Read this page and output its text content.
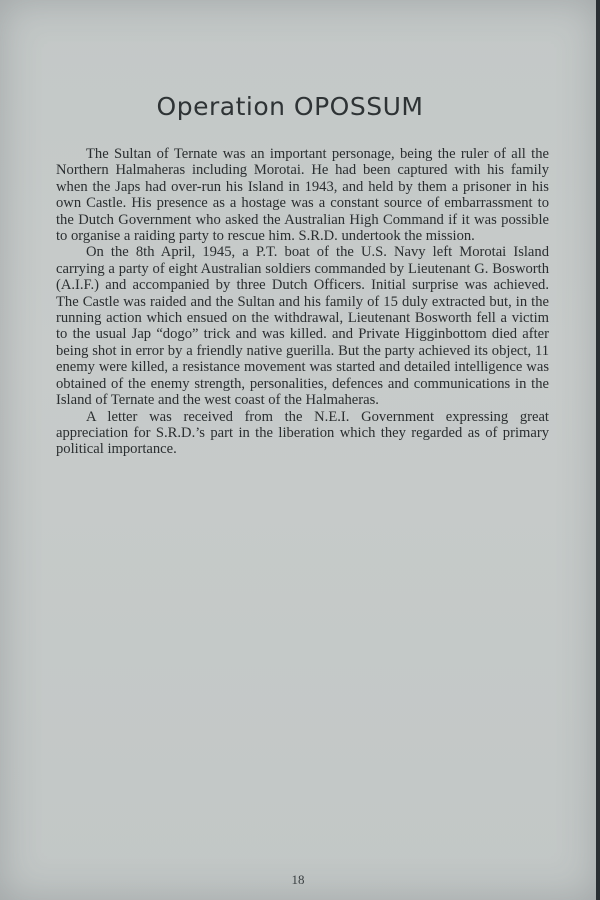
Operation OPOSSUM

The Sultan of Ternate was an important personage, being the ruler of all the Northern Halmaheras including Morotai. He had been captured with his family when the Japs had over-run his Island in 1943, and held by them a prisoner in his own Castle. His presence as a hostage was a constant source of embarrassment to the Dutch Government who asked the Australian High Command if it was possible to organise a raiding party to rescue him. S.R.D. undertook the mission.

On the 8th April, 1945, a P.T. boat of the U.S. Navy left Morotai Island carrying a party of eight Australian soldiers commanded by Lieutenant G. Bosworth (A.I.F.) and accompanied by three Dutch Officers. Initial surprise was achieved. The Castle was raided and the Sultan and his family of 15 duly extracted but, in the running action which ensued on the withdrawal, Lieutenant Bosworth fell a victim to the usual Jap “dogo” trick and was killed. and Private Higginbottom died after being shot in error by a friendly native guerilla. But the party achieved its object, 11 enemy were killed, a resistance movement was started and detailed intelligence was obtained of the enemy strength, personalities, defences and communications in the Island of Ternate and the west coast of the Halmaheras.

A letter was received from the N.E.I. Government expressing great appreciation for S.R.D.’s part in the liberation which they regarded as of primary political importance.

18
